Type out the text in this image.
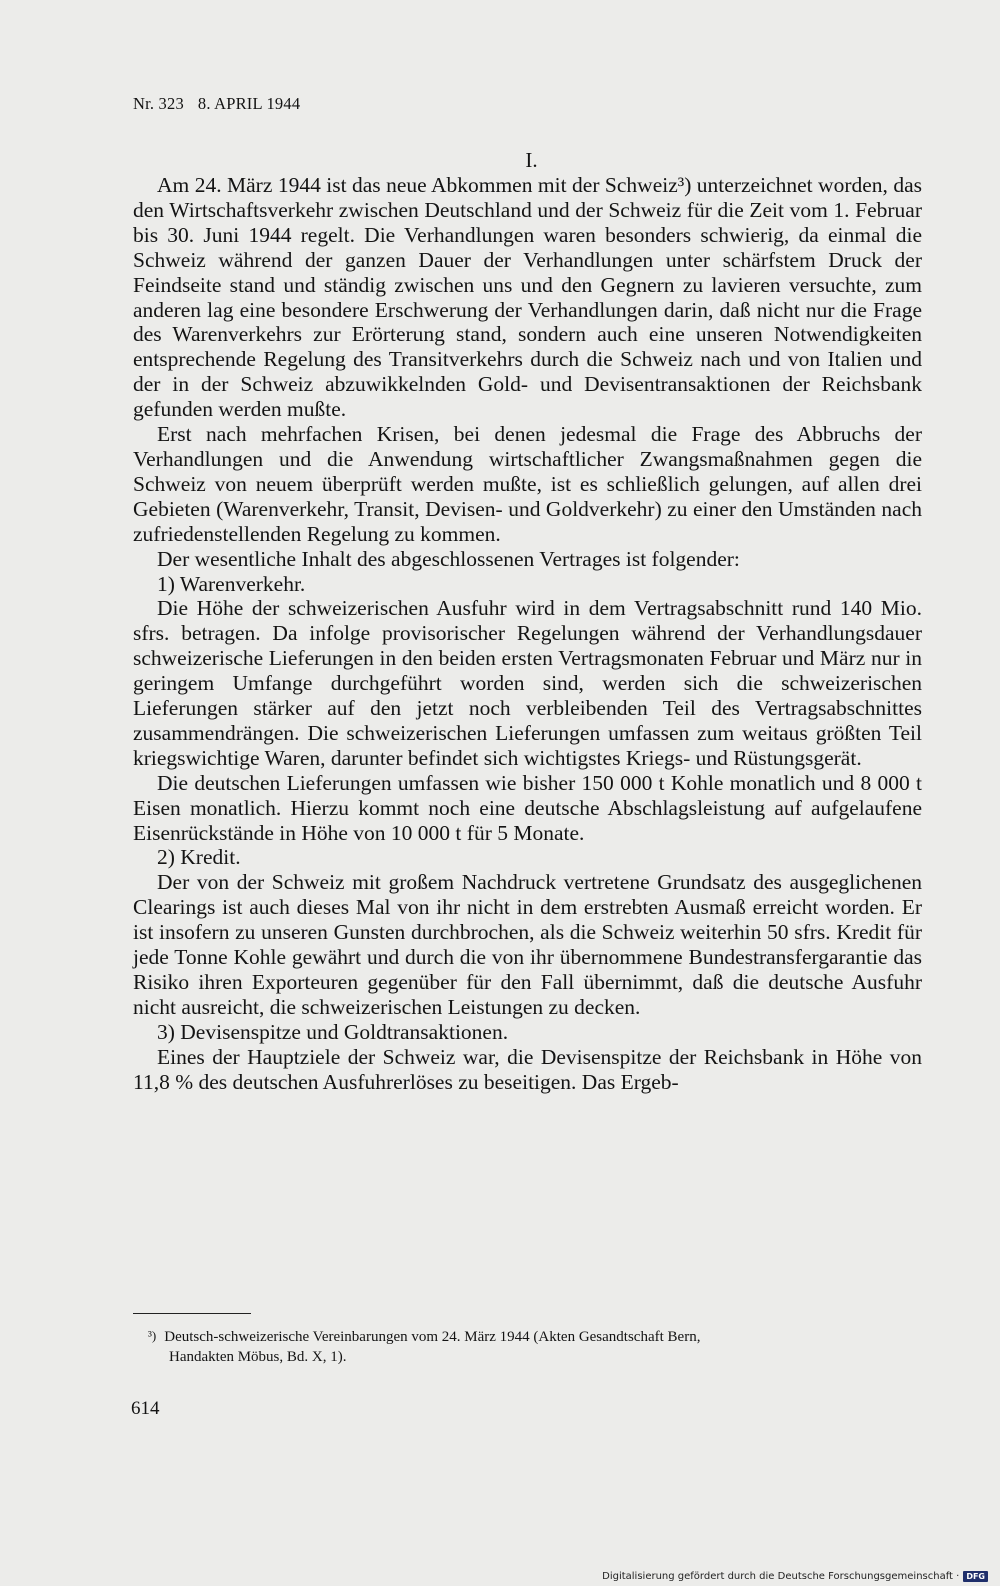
Nr. 323 8. APRIL 1944
I.

Am 24. März 1944 ist das neue Abkommen mit der Schweiz³) unterzeichnet worden, das den Wirtschaftsverkehr zwischen Deutschland und der Schweiz für die Zeit vom 1. Februar bis 30. Juni 1944 regelt. Die Verhandlungen waren besonders schwierig, da einmal die Schweiz während der ganzen Dauer der Verhandlungen unter schärfstem Druck der Feindseite stand und ständig zwischen uns und den Gegnern zu lavieren versuchte, zum anderen lag eine besondere Erschwerung der Verhandlungen darin, daß nicht nur die Frage des Warenverkehrs zur Erörterung stand, sondern auch eine unseren Notwendigkeiten entsprechende Regelung des Transitverkehrs durch die Schweiz nach und von Italien und der in der Schweiz abzuwikkelnden Gold- und Devisentransaktionen der Reichsbank gefunden werden mußte.

Erst nach mehrfachen Krisen, bei denen jedesmal die Frage des Abbruchs der Verhandlungen und die Anwendung wirtschaftlicher Zwangsmaßnahmen gegen die Schweiz von neuem überprüft werden mußte, ist es schließlich gelungen, auf allen drei Gebieten (Warenverkehr, Transit, Devisen- und Goldverkehr) zu einer den Umständen nach zufriedenstellenden Regelung zu kommen.

Der wesentliche Inhalt des abgeschlossenen Vertrages ist folgender:

1) Warenverkehr.

Die Höhe der schweizerischen Ausfuhr wird in dem Vertragsabschnitt rund 140 Mio. sfrs. betragen. Da infolge provisorischer Regelungen während der Verhandlungsdauer schweizerische Lieferungen in den beiden ersten Vertragsmonaten Februar und März nur in geringem Umfange durchgeführt worden sind, werden sich die schweizerischen Lieferungen stärker auf den jetzt noch verbleibenden Teil des Vertragsabschnittes zusammendrängen. Die schweizerischen Lieferungen umfassen zum weitaus größten Teil kriegswichtige Waren, darunter befindet sich wichtigstes Kriegs- und Rüstungsgerät.

Die deutschen Lieferungen umfassen wie bisher 150 000 t Kohle monatlich und 8 000 t Eisen monatlich. Hierzu kommt noch eine deutsche Abschlagsleistung auf aufgelaufene Eisenrückstände in Höhe von 10 000 t für 5 Monate.

2) Kredit.

Der von der Schweiz mit großem Nachdruck vertretene Grundsatz des ausgeglichenen Clearings ist auch dieses Mal von ihr nicht in dem erstrebten Ausmaß erreicht worden. Er ist insofern zu unseren Gunsten durchbrochen, als die Schweiz weiterhin 50 sfrs. Kredit für jede Tonne Kohle gewährt und durch die von ihr übernommene Bundestransfergarantie das Risiko ihren Exporteuren gegenüber für den Fall übernimmt, daß die deutsche Ausfuhr nicht ausreicht, die schweizerischen Leistungen zu decken.

3) Devisenspitze und Goldtransaktionen.

Eines der Hauptziele der Schweiz war, die Devisenspitze der Reichsbank in Höhe von 11,8 % des deutschen Ausfuhrerlöses zu beseitigen. Das Ergeb-

³) Deutsch-schweizerische Vereinbarungen vom 24. März 1944 (Akten Gesandtschaft Bern,
Handakten Möbus, Bd. X, 1).
614
Digitalisierung gefördert durch die Deutsche Forschungsgemeinschaft · DFG
